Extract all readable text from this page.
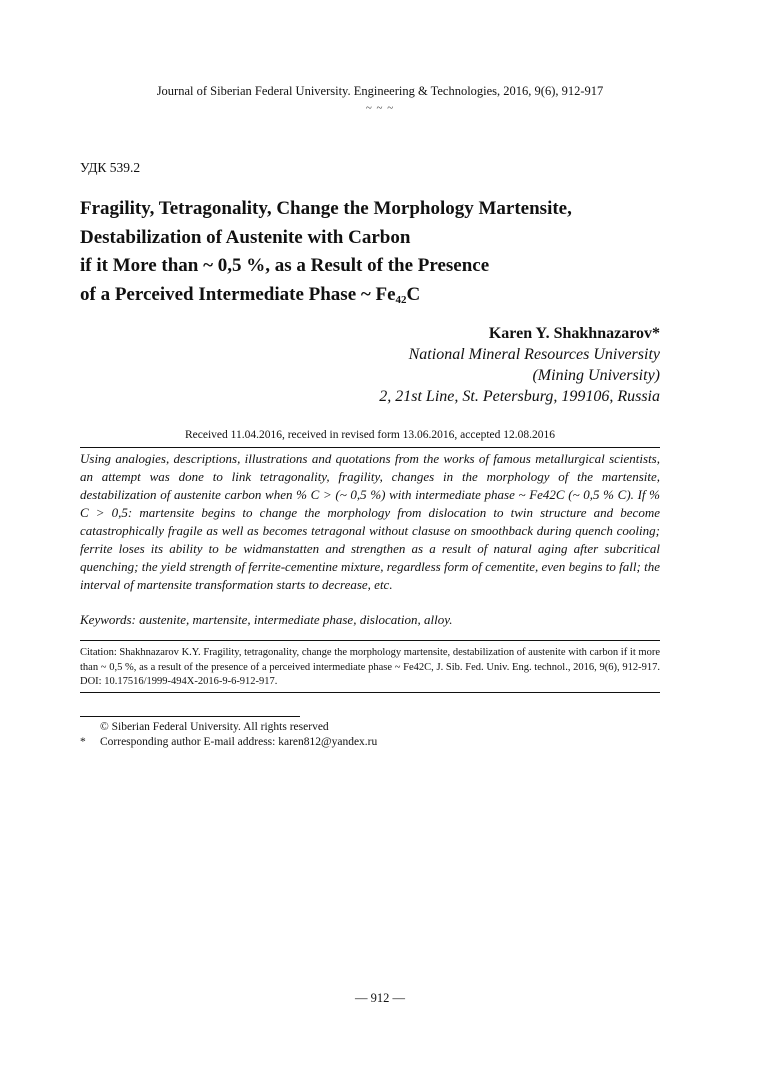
Journal of Siberian Federal University. Engineering & Technologies, 2016, 9(6), 912-917
~ ~ ~
УДК 539.2
Fragility, Tetragonality, Change the Morphology Martensite,
Destabilization of Austenite with Carbon
if it More than ~ 0,5 %, as a Result of the Presence
of a Perceived Intermediate Phase ~ $Fe_{42}C$
Karen Y. Shakhnazarov*
National Mineral Resources University
(Mining University)
2, 21st Line, St. Petersburg, 199106, Russia
Received 11.04.2016, received in revised form 13.06.2016, accepted 12.08.2016
Using analogies, descriptions, illustrations and quotations from the works of famous metallurgical scientists, an attempt was done to link tetragonality, fragility, changes in the morphology of the martensite, destabilization of austenite carbon when % C > (~ 0,5 %) with intermediate phase ~ Fe42C (~ 0,5 % C). If % C > 0,5: martensite begins to change the morphology from dislocation to twin structure and become catastrophically fragile as well as becomes tetragonal without clasuse on smoothback during quench cooling; ferrite loses its ability to be widmanstatten and strengthen as a result of natural aging after subcritical quenching; the yield strength of ferrite-cementine mixture, regardless form of cementite, even begins to fall; the interval of martensite transformation starts to decrease, etc.
Keywords: austenite, martensite, intermediate phase, dislocation, alloy.
Citation: Shakhnazarov K.Y. Fragility, tetragonality, change the morphology martensite, destabilization of austenite with carbon if it more than ~ 0,5 %, as a result of the presence of a perceived intermediate phase ~ Fe42C, J. Sib. Fed. Univ. Eng. technol., 2016, 9(6), 912-917. DOI: 10.17516/1999-494X-2016-9-6-912-917.
© Siberian Federal University. All rights reserved
* Corresponding author E-mail address: karen812@yandex.ru
— 912 —
